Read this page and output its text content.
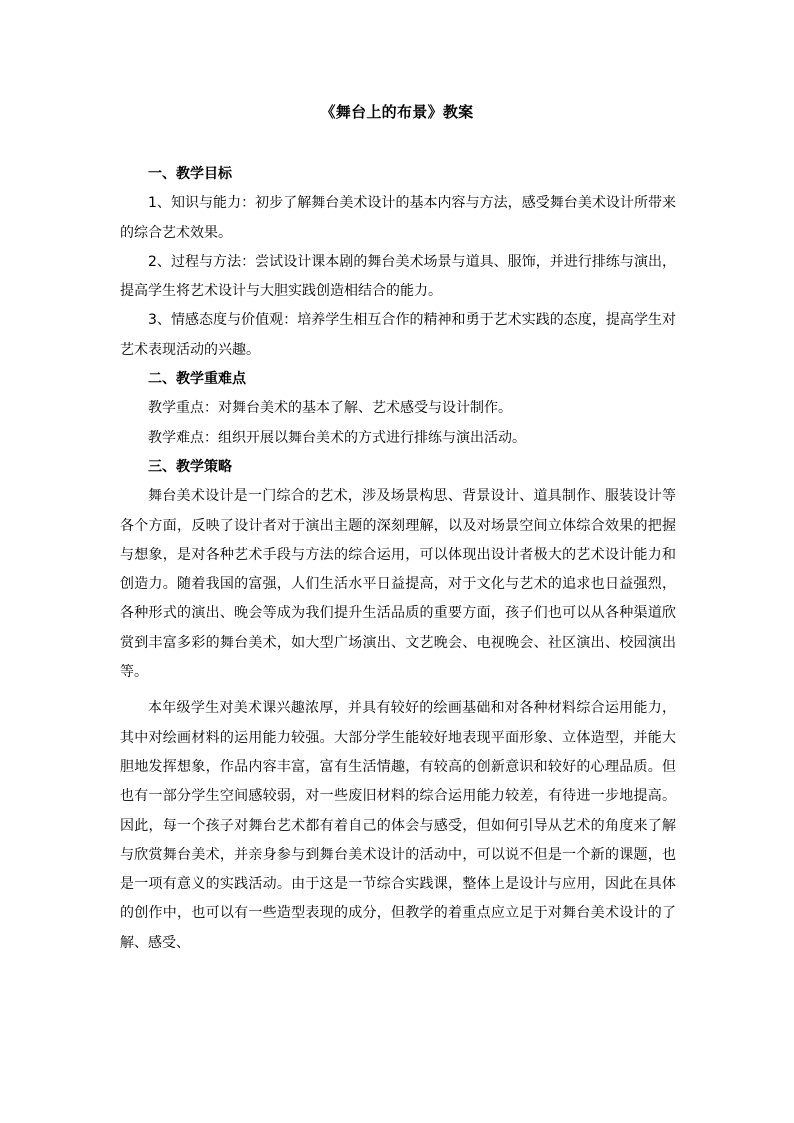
《舞台上的布景》教案

一、教学目标

1、知识与能力：初步了解舞台美术设计的基本内容与方法，感受舞台美术设计所带来的综合艺术效果。

2、过程与方法：尝试设计课本剧的舞台美术场景与道具、服饰，并进行排练与演出，提高学生将艺术设计与大胆实践创造相结合的能力。

3、情感态度与价值观：培养学生相互合作的精神和勇于艺术实践的态度，提高学生对艺术表现活动的兴趣。

二、教学重难点

教学重点：对舞台美术的基本了解、艺术感受与设计制作。

教学难点：组织开展以舞台美术的方式进行排练与演出活动。

三、教学策略

舞台美术设计是一门综合的艺术，涉及场景构思、背景设计、道具制作、服装设计等各个方面，反映了设计者对于演出主题的深刻理解，以及对场景空间立体综合效果的把握与想象，是对各种艺术手段与方法的综合运用，可以体现出设计者极大的艺术设计能力和创造力。随着我国的富强，人们生活水平日益提高，对于文化与艺术的追求也日益强烈，各种形式的演出、晚会等成为我们提升生活品质的重要方面，孩子们也可以从各种渠道欣赏到丰富多彩的舞台美术，如大型广场演出、文艺晚会、电视晚会、社区演出、校园演出等。

本年级学生对美术课兴趣浓厚，并具有较好的绘画基础和对各种材料综合运用能力，其中对绘画材料的运用能力较强。大部分学生能较好地表现平面形象、立体造型，并能大胆地发挥想象，作品内容丰富，富有生活情趣，有较高的创新意识和较好的心理品质。但也有一部分学生空间感较弱，对一些废旧材料的综合运用能力较差，有待进一步地提高。因此，每一个孩子对舞台艺术都有着自己的体会与感受，但如何引导从艺术的角度来了解与欣赏舞台美术，并亲身参与到舞台美术设计的活动中，可以说不但是一个新的课题，也是一项有意义的实践活动。由于这是一节综合实践课，整体上是设计与应用，因此在具体的创作中，也可以有一些造型表现的成分，但教学的着重点应立足于对舞台美术设计的了解、感受、
